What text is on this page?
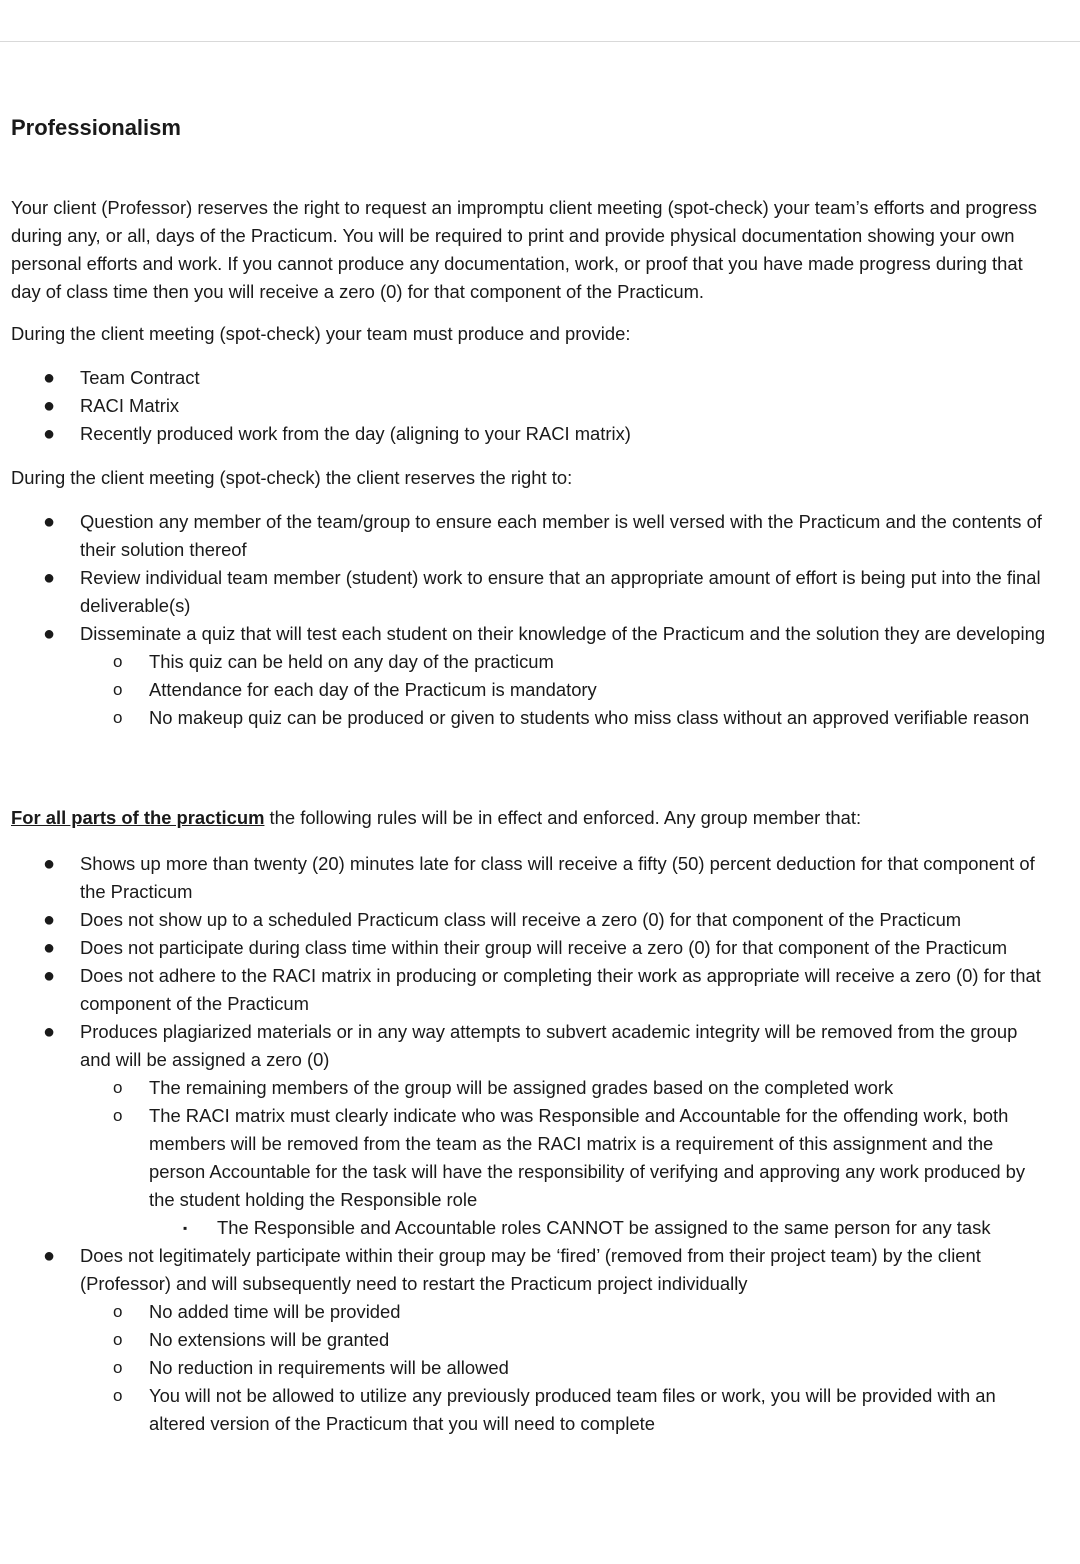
Professionalism

Your client (Professor) reserves the right to request an impromptu client meeting (spot-check) your team’s efforts and progress during any, or all, days of the Practicum. You will be required to print and provide physical documentation showing your own personal efforts and work. If you cannot produce any documentation, work, or proof that you have made progress during that day of class time then you will receive a zero (0) for that component of the Practicum.

During the client meeting (spot-check) your team must produce and provide:

● Team Contract
● RACI Matrix
● Recently produced work from the day (aligning to your RACI matrix)

During the client meeting (spot-check) the client reserves the right to:

● Question any member of the team/group to ensure each member is well versed with the Practicum and the contents of their solution thereof
● Review individual team member (student) work to ensure that an appropriate amount of effort is being put into the final deliverable(s)
● Disseminate a quiz that will test each student on their knowledge of the Practicum and the solution they are developing
o This quiz can be held on any day of the practicum
o Attendance for each day of the Practicum is mandatory
o No makeup quiz can be produced or given to students who miss class without an approved verifiable reason

For all parts of the practicum the following rules will be in effect and enforced. Any group member that:

● Shows up more than twenty (20) minutes late for class will receive a fifty (50) percent deduction for that component of the Practicum
● Does not show up to a scheduled Practicum class will receive a zero (0) for that component of the Practicum
● Does not participate during class time within their group will receive a zero (0) for that component of the Practicum
● Does not adhere to the RACI matrix in producing or completing their work as appropriate will receive a zero (0) for that component of the Practicum
● Produces plagiarized materials or in any way attempts to subvert academic integrity will be removed from the group and will be assigned a zero (0)
o The remaining members of the group will be assigned grades based on the completed work
o The RACI matrix must clearly indicate who was Responsible and Accountable for the offending work, both members will be removed from the team as the RACI matrix is a requirement of this assignment and the person Accountable for the task will have the responsibility of verifying and approving any work produced by the student holding the Responsible role
▪ The Responsible and Accountable roles CANNOT be assigned to the same person for any task
● Does not legitimately participate within their group may be ‘fired’ (removed from their project team) by the client (Professor) and will subsequently need to restart the Practicum project individually
o No added time will be provided
o No extensions will be granted
o No reduction in requirements will be allowed
o You will not be allowed to utilize any previously produced team files or work, you will be provided with an altered version of the Practicum that you will need to complete
